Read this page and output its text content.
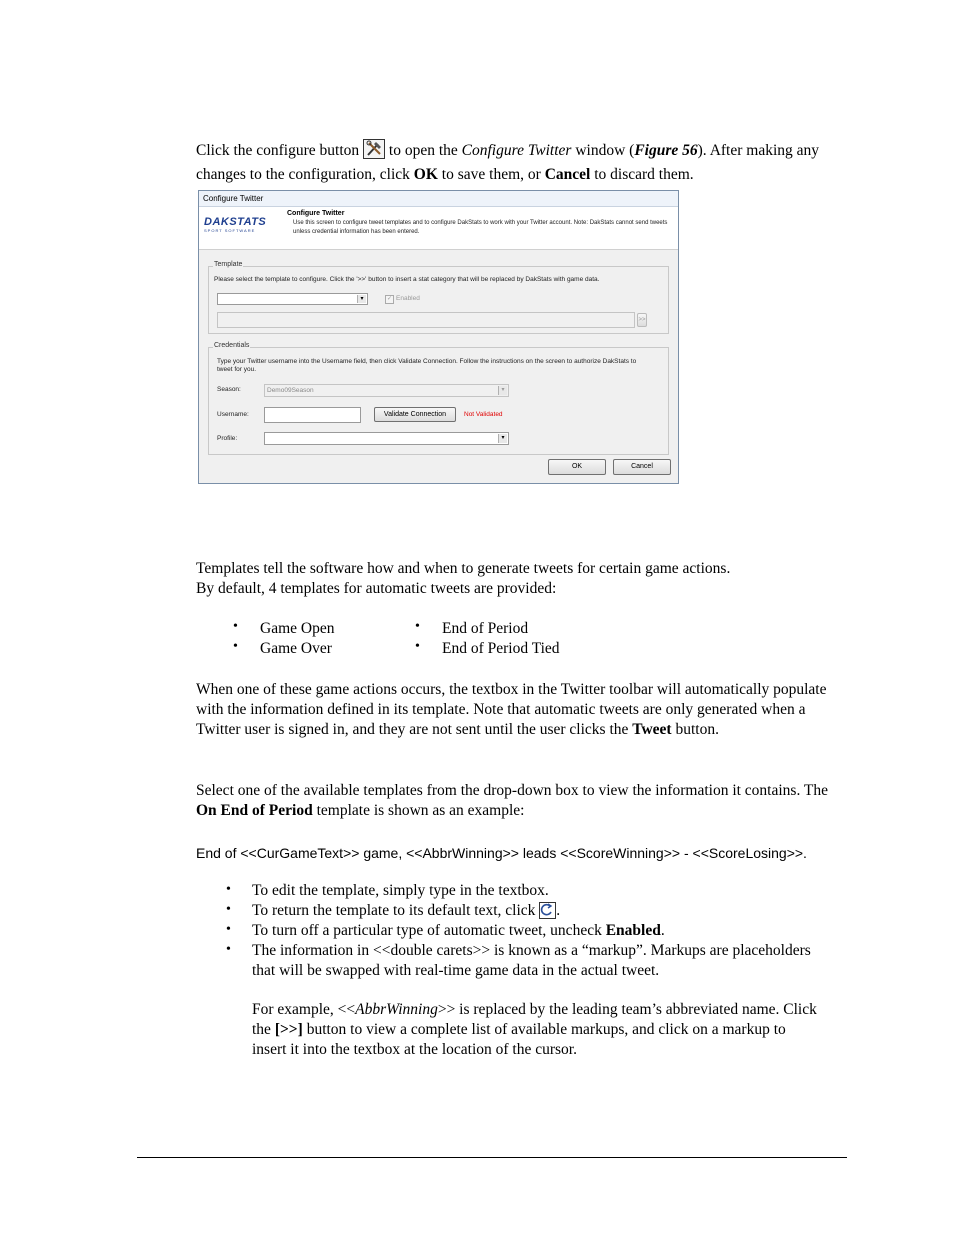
Click the configure button to open the Configure Twitter window (Figure 56). After making any changes to the configuration, click OK to save them, or Cancel to discard them.
Configure Twitter
DAKSTATS
SPORT SOFTWARE
Configure Twitter
Use this screen to configure tweet templates and to configure DakStats to work with your Twitter account. Note: DakStats cannot send tweets unless credential information has been entered.
Template
Please select the template to configure. Click the '>>' button to insert a stat category that will be replaced by DakStats with game data.
▾	✓ Enabled
>>
Credentials
Type your Twitter username into the Username field, then click Validate Connection. Follow the instructions on the screen to authorize DakStats to tweet for you.
Season:	Demo09Season	▾
Username:	Validate Connection	Not Validated
Profile:	▾
OK	Cancel
Templates tell the software how and when to generate tweets for certain game actions.
By default, 4 templates for automatic tweets are provided:
• Game Open
• Game Over
• End of Period
• End of Period Tied
When one of these game actions occurs, the textbox in the Twitter toolbar will automatically populate with the information defined in its template. Note that automatic tweets are only generated when a Twitter user is signed in, and they are not sent until the user clicks the Tweet button.
Select one of the available templates from the drop-down box to view the information it contains. The On End of Period template is shown as an example:
End of <<CurGameText>> game, <<AbbrWinning>> leads <<ScoreWinning>> - <<ScoreLosing>>.
• To edit the template, simply type in the textbox.
• To return the template to its default text, click .
• To turn off a particular type of automatic tweet, uncheck Enabled.
• The information in <<double carets>> is known as a “markup”. Markups are placeholders that will be swapped with real-time game data in the actual tweet.
For example, <<AbbrWinning>> is replaced by the leading team’s abbreviated name. Click the [>>] button to view a complete list of available markups, and click on a markup to insert it into the textbox at the location of the cursor.
